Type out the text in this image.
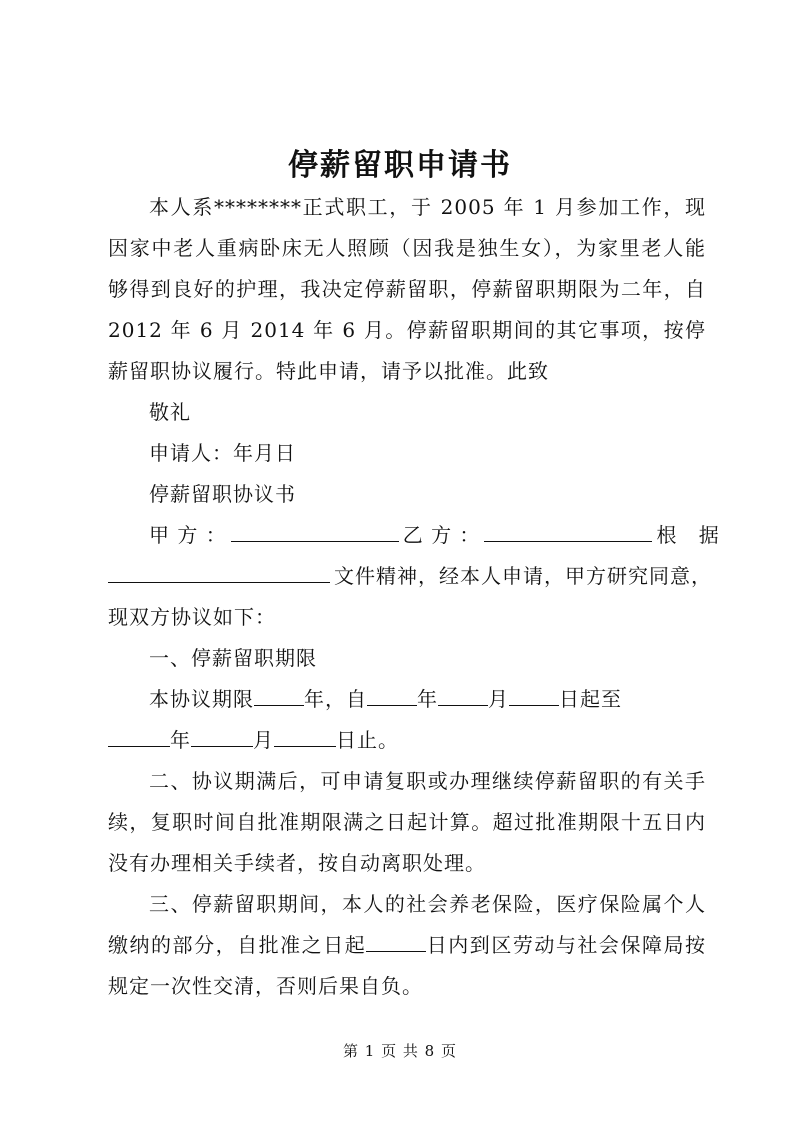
停薪留职申请书

本人系********正式职工，于 2005 年 1 月参加工作，现因家中老人重病卧床无人照顾（因我是独生女），为家里老人能够得到良好的护理，我决定停薪留职，停薪留职期限为二年，自 2012 年 6 月 2014 年 6 月。停薪留职期间的其它事项，按停薪留职协议履行。特此申请，请予以批准。此致

敬礼

申请人：年月日

停薪留职协议书

甲 方 ：	乙 方 ：	根 据

文件精神，经本人申请，甲方研究同意，

现双方协议如下：

一、停薪留职期限

本协议期限	年，自	年	月	日起至

年	月	日止。

二、协议期满后，可申请复职或办理继续停薪留职的有关手续，复职时间自批准期限满之日起计算。超过批准期限十五日内没有办理相关手续者，按自动离职处理。

三、停薪留职期间，本人的社会养老保险，医疗保险属个人缴纳的部分，自批准之日起	日内到区劳动与社会保障局按规定一次性交清，否则后果自负。

第 1 页 共 8 页
